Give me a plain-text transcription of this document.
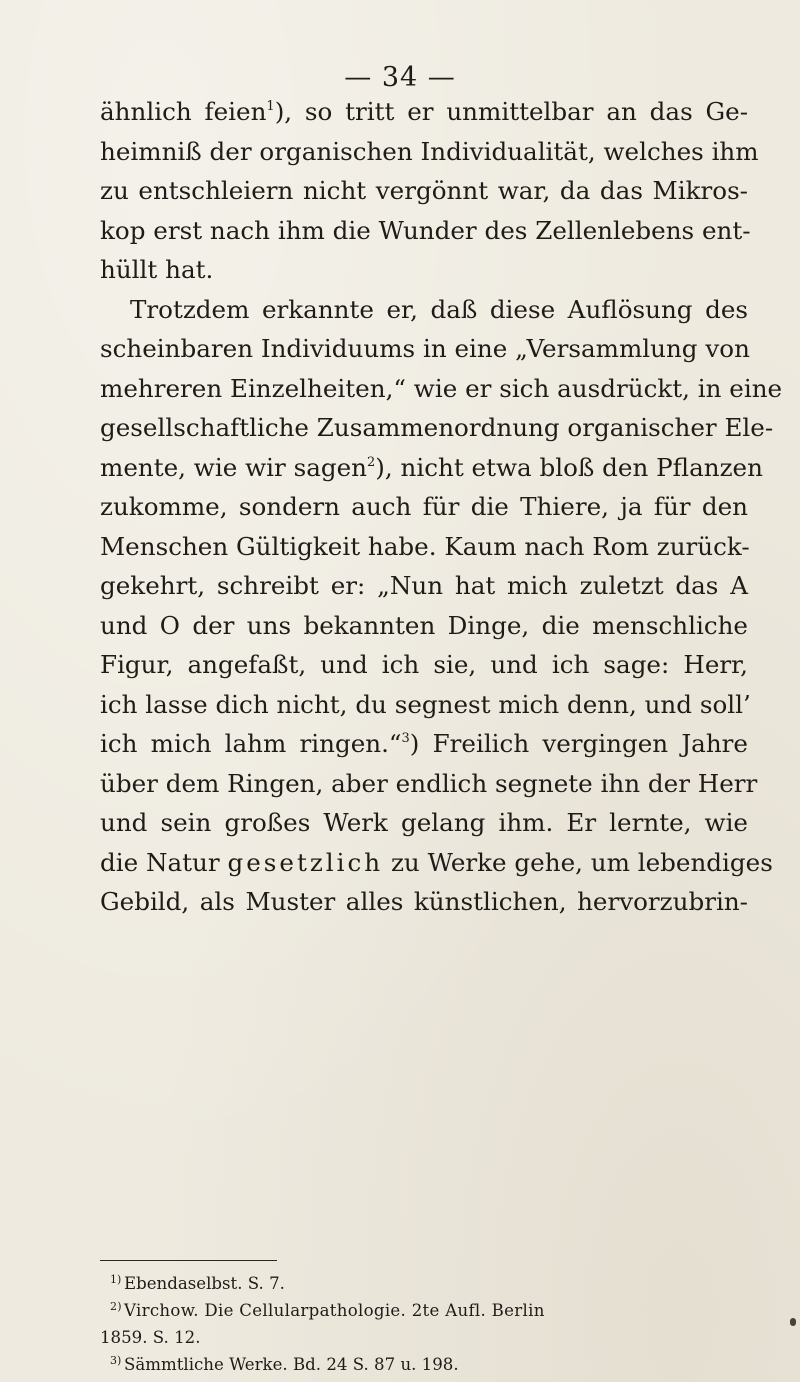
— 34 —
ähnlich feien$^1$), so tritt er unmittelbar an das Ge-
heimniß der organischen Individualität, welches ihm
zu entschleiern nicht vergönnt war, da das Mikros-
kop erst nach ihm die Wunder des Zellenlebens ent-
hüllt hat.
Trotzdem erkannte er, daß diese Auflösung des
scheinbaren Individuums in eine „Versammlung von
mehreren Einzelheiten,“ wie er sich ausdrückt, in eine
gesellschaftliche Zusammenordnung organischer Ele-
mente, wie wir sagen$^2$), nicht etwa bloß den Pflanzen
zukomme, sondern auch für die Thiere, ja für den
Menschen Gültigkeit habe. Kaum nach Rom zurück-
gekehrt, schreibt er: „Nun hat mich zuletzt das A
und O der uns bekannten Dinge, die menschliche
Figur, angefaßt, und ich sie, und ich sage: Herr,
ich lasse dich nicht, du segnest mich denn, und soll’
ich mich lahm ringen.“$^3$) Freilich vergingen Jahre
über dem Ringen, aber endlich segnete ihn der Herr
und sein großes Werk gelang ihm. Er lernte, wie
die Natur gesetzlich zu Werke gehe, um lebendiges
Gebild, als Muster alles künstlichen, hervorzubrin-
1) Ebendaselbst. S. 7.
2) Virchow. Die Cellularpathologie. 2te Aufl. Berlin
1859. S. 12.
3) Sämmtliche Werke. Bd. 24 S. 87 u. 198.
